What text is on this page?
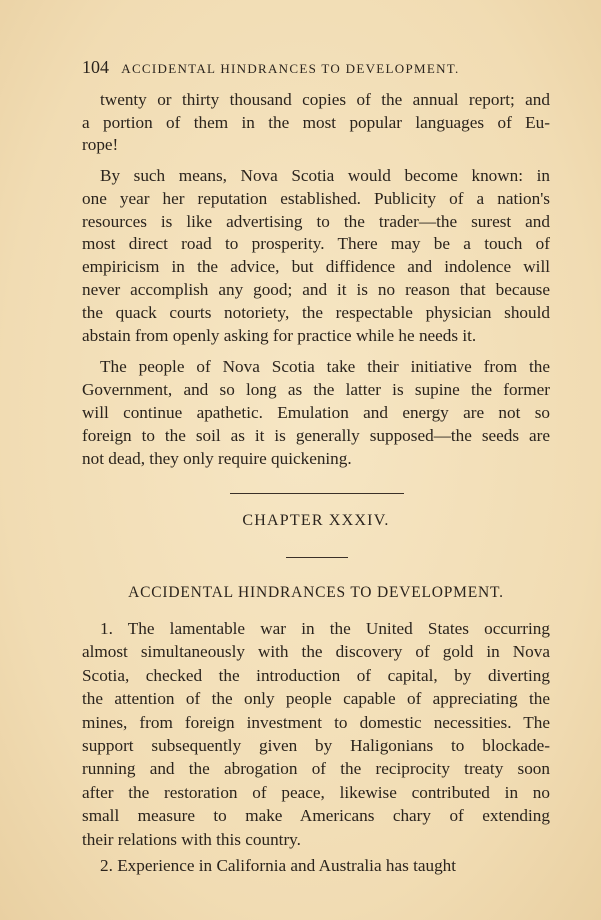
104 ACCIDENTAL HINDRANCES TO DEVELOPMENT.
twenty or thirty thousand copies of the annual report; and
a portion of them in the most popular languages of Eu-
rope!
By such means, Nova Scotia would become known: in
one year her reputation established. Publicity of a nation's
resources is like advertising to the trader—the surest and
most direct road to prosperity. There may be a touch of
empiricism in the advice, but diffidence and indolence will
never accomplish any good; and it is no reason that because
the quack courts notoriety, the respectable physician should
abstain from openly asking for practice while he needs it.
The people of Nova Scotia take their initiative from the
Government, and so long as the latter is supine the former
will continue apathetic. Emulation and energy are not so
foreign to the soil as it is generally supposed—the seeds are
not dead, they only require quickening.
CHAPTER XXXIV.
ACCIDENTAL HINDRANCES TO DEVELOPMENT.
1. The lamentable war in the United States occurring
almost simultaneously with the discovery of gold in Nova
Scotia, checked the introduction of capital, by diverting
the attention of the only people capable of appreciating the
mines, from foreign investment to domestic necessities. The
support subsequently given by Haligonians to blockade-
running and the abrogation of the reciprocity treaty soon
after the restoration of peace, likewise contributed in no
small measure to make Americans chary of extending
their relations with this country.
2. Experience in California and Australia has taught
